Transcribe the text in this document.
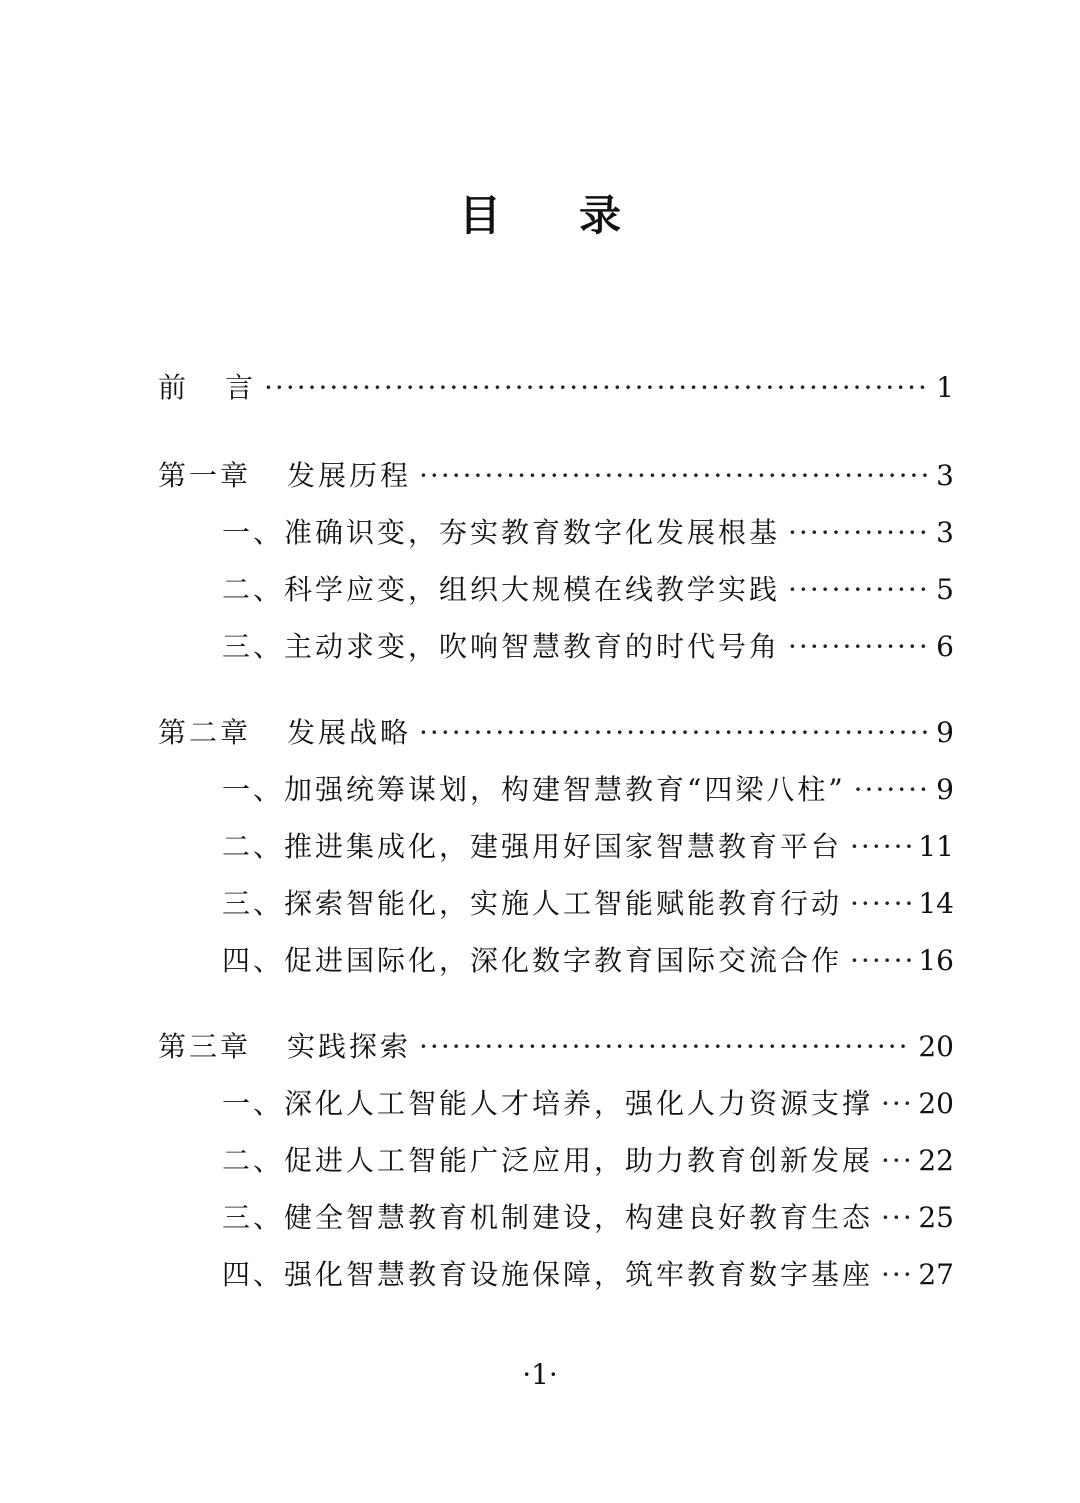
目录
前 言 ·····	1
第一章 发展历程 ·····	3
一、准确识变，夯实教育数字化发展根基 ·····	3
二、科学应变，组织大规模在线教学实践 ·····	5
三、主动求变，吹响智慧教育的时代号角 ·····	6
第二章 发展战略 ·····	9
一、加强统筹谋划，构建智慧教育“四梁八柱” ·····	9
二、推进集成化，建强用好国家智慧教育平台 ·····	11
三、探索智能化，实施人工智能赋能教育行动 ·····	14
四、促进国际化，深化数字教育国际交流合作 ·····	16
第三章 实践探索 ·····	20
一、深化人工智能人才培养，强化人力资源支撑 ····· 20
二、促进人工智能广泛应用，助力教育创新发展 ····· 22
三、健全智慧教育机制建设，构建良好教育生态 ····· 25
四、强化智慧教育设施保障，筑牢教育数字基座 ····· 27
·1·
